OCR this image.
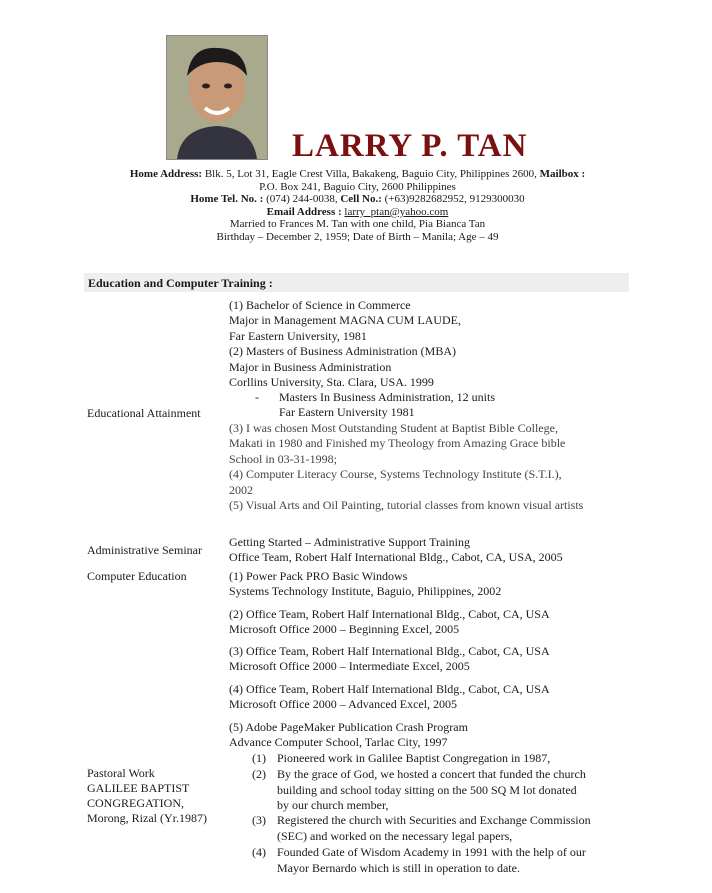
LARRY P. TAN
Home Address: Blk. 5, Lot 31, Eagle Crest Villa, Bakakeng, Baguio City, Philippines 2600, Mailbox :
P.O. Box 241, Baguio City, 2600 Philippines
Home Tel. No. : (074) 244-0038, Cell No.: (+63)9282682952, 9129300030
Email Address : larry_ptan@yahoo.com
Married to Frances M. Tan with one child, Pia Bianca Tan
Birthday – December 2, 1959; Date of Birth – Manila; Age – 49
Education and Computer Training :
Educational Attainment
(1) Bachelor of Science in Commerce
Major in Management MAGNA CUM LAUDE,
Far Eastern University, 1981
(2) Masters of Business Administration (MBA)
Major in Business Administration
Corllins University, Sta. Clara, USA. 1999
- Masters In Business Administration, 12 units
Far Eastern University 1981
(3) I was chosen Most Outstanding Student at Baptist Bible College,
Makati in 1980 and Finished my Theology from Amazing Grace bible
School in 03-31-1998;
(4) Computer Literacy Course, Systems Technology Institute (S.T.I.),
2002
(5) Visual Arts and Oil Painting, tutorial classes from known visual artists
Administrative Seminar
Getting Started – Administrative Support Training
Office Team, Robert Half International Bldg., Cabot, CA, USA, 2005
Computer Education	(1) Power Pack PRO Basic Windows
Systems Technology Institute, Baguio, Philippines, 2002
(2) Office Team, Robert Half International Bldg., Cabot, CA, USA
Microsoft Office 2000 – Beginning Excel, 2005
(3) Office Team, Robert Half International Bldg., Cabot, CA, USA
Microsoft Office 2000 – Intermediate Excel, 2005
(4) Office Team, Robert Half International Bldg., Cabot, CA, USA
Microsoft Office 2000 – Advanced Excel, 2005
(5) Adobe PageMaker Publication Crash Program
Advance Computer School, Tarlac City, 1997
Pastoral Work
GALILEE BAPTIST
CONGREGATION,
Morong, Rizal (Yr.1987)
(1) Pioneered work in Galilee Baptist Congregation in 1987,
(2) By the grace of God, we hosted a concert that funded the church
building and school today sitting on the 500 SQ M lot donated
by our church member,
(3) Registered the church with Securities and Exchange Commission
(SEC) and worked on the necessary legal papers,
(4) Founded Gate of Wisdom Academy in 1991 with the help of our
Mayor Bernardo which is still in operation to date.
